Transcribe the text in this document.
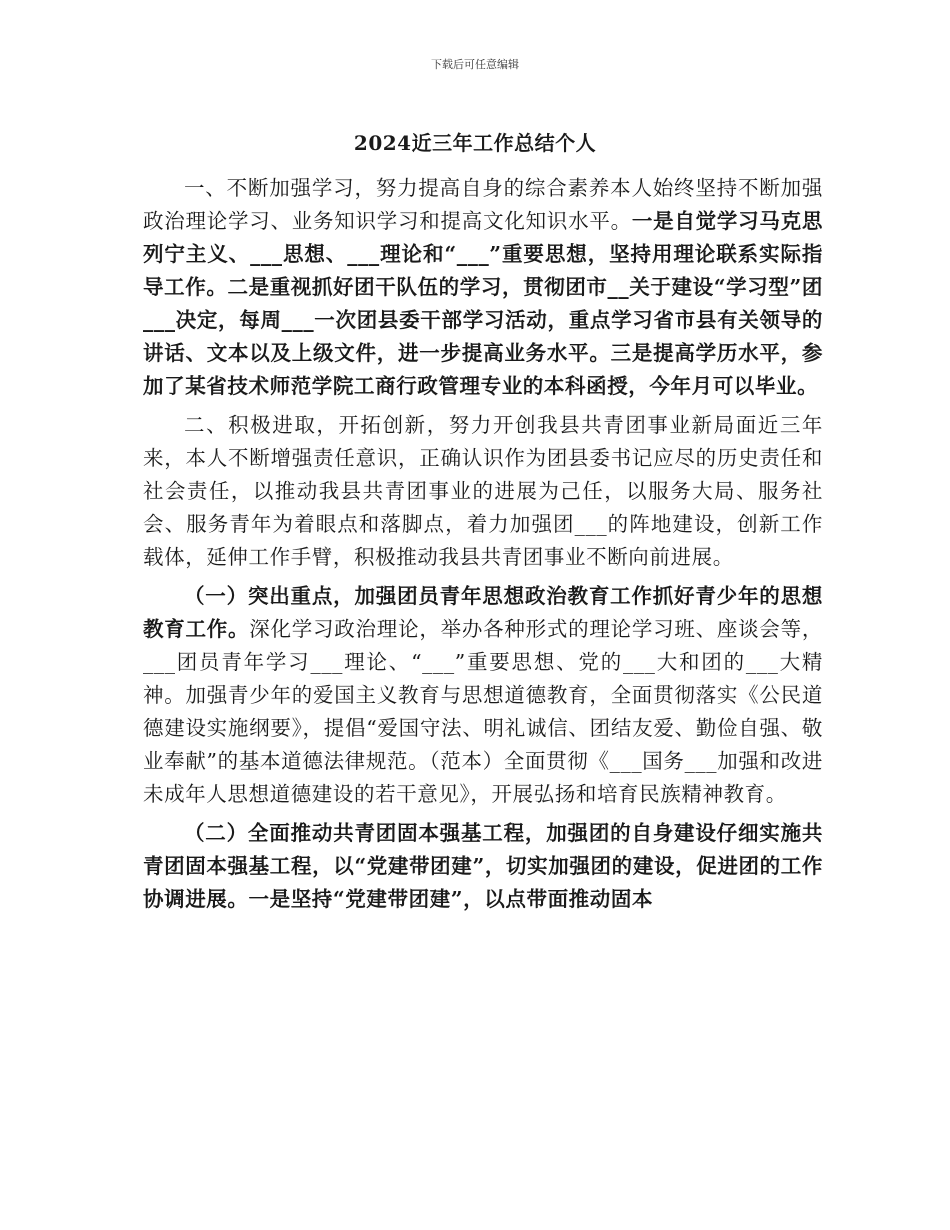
下载后可任意编辑
2024近三年工作总结个人

一、不断加强学习，努力提高自身的综合素养本人始终坚持不断加强政治理论学习、业务知识学习和提高文化知识水平。一是自觉学习马克思列宁主义、___思想、___理论和“___”重要思想，坚持用理论联系实际指导工作。二是重视抓好团干队伍的学习，贯彻团市__关于建设“学习型”团___决定，每周___一次团县委干部学习活动，重点学习省市县有关领导的讲话、文本以及上级文件，进一步提高业务水平。三是提高学历水平，参加了某省技术师范学院工商行政管理专业的本科函授，今年月可以毕业。

二、积极进取，开拓创新，努力开创我县共青团事业新局面近三年来，本人不断增强责任意识，正确认识作为团县委书记应尽的历史责任和社会责任，以推动我县共青团事业的进展为己任，以服务大局、服务社会、服务青年为着眼点和落脚点，着力加强团___的阵地建设，创新工作载体，延伸工作手臂，积极推动我县共青团事业不断向前进展。

（一）突出重点，加强团员青年思想政治教育工作抓好青少年的思想教育工作。深化学习政治理论，举办各种形式的理论学习班、座谈会等，___团员青年学习___理论、“___”重要思想、党的___大和团的___大精神。加强青少年的爱国主义教育与思想道德教育，全面贯彻落实《公民道德建设实施纲要》，提倡“爱国守法、明礼诚信、团结友爱、勤俭自强、敬业奉献”的基本道德法律规范。（范本）全面贯彻《___国务___加强和改进未成年人思想道德建设的若干意见》，开展弘扬和培育民族精神教育。

（二）全面推动共青团固本强基工程，加强团的自身建设仔细实施共青团固本强基工程，以“党建带团建”，切实加强团的建设，促进团的工作协调进展。一是坚持“党建带团建”，以点带面推动固本
